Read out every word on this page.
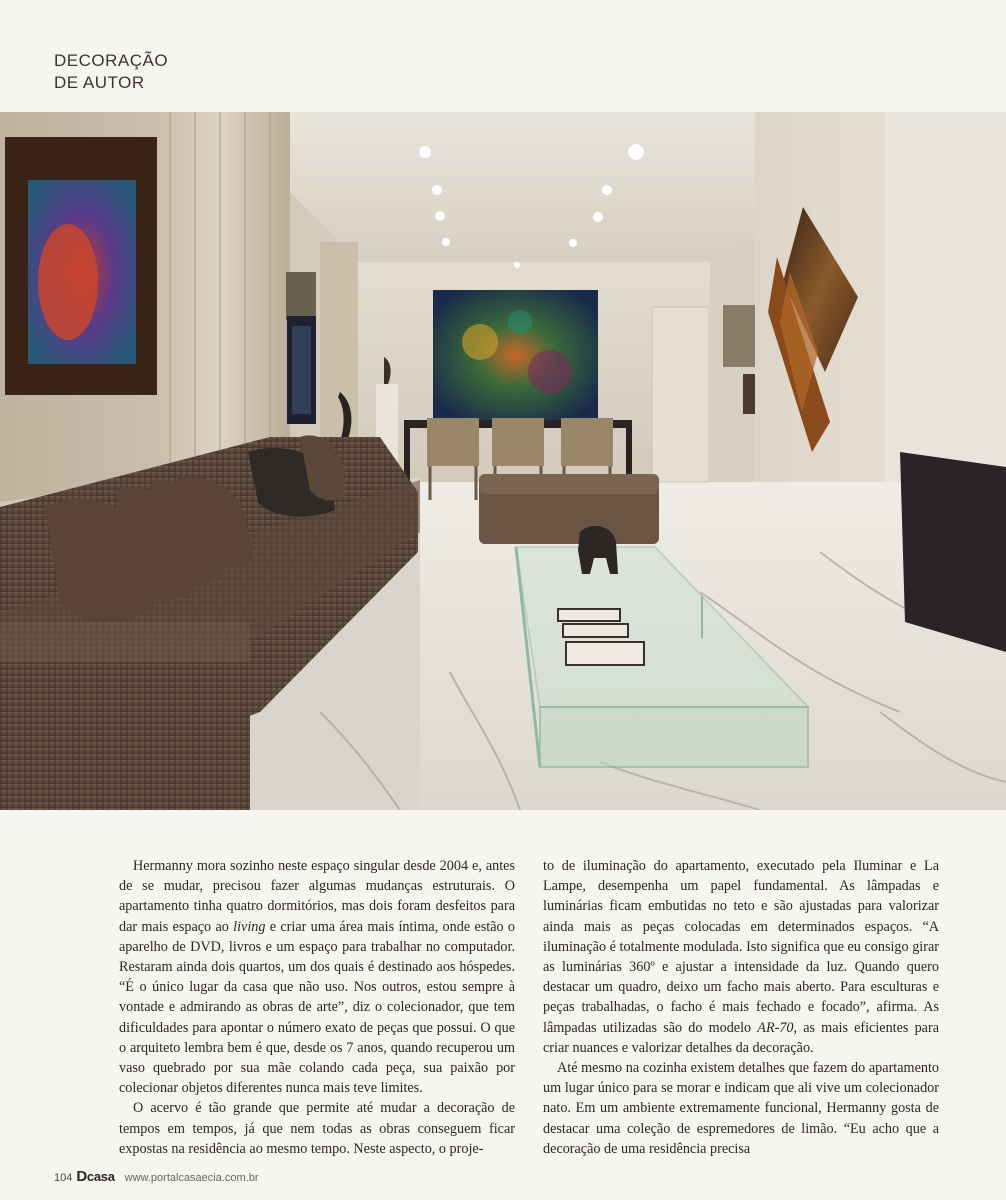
DECORAÇÃO
DE AUTOR

Hermanny mora sozinho neste espaço singular desde 2004 e, antes de se mudar, precisou fazer algumas mudanças estruturais. O apartamento tinha quatro dormitórios, mas dois foram desfeitos para dar mais espaço ao living e criar uma área mais íntima, onde estão o aparelho de DVD, livros e um espaço para trabalhar no computador. Restaram ainda dois quartos, um dos quais é destinado aos hóspedes. “É o único lugar da casa que não uso. Nos outros, estou sempre à vontade e admirando as obras de arte”, diz o colecionador, que tem dificuldades para apontar o número exato de peças que possui. O que o arquiteto lembra bem é que, desde os 7 anos, quando recuperou um vaso quebrado por sua mãe colando cada peça, sua paixão por colecionar objetos diferentes nunca mais teve limites.

O acervo é tão grande que permite até mudar a decoração de tempos em tempos, já que nem todas as obras conseguem ficar expostas na residência ao mesmo tempo. Neste aspecto, o proje-

to de iluminação do apartamento, executado pela Iluminar e La Lampe, desempenha um papel fundamental. As lâmpadas e luminárias ficam embutidas no teto e são ajustadas para valorizar ainda mais as peças colocadas em determinados espaços. “A iluminação é totalmente modulada. Isto significa que eu consigo girar as luminárias 360º e ajustar a intensidade da luz. Quando quero destacar um quadro, deixo um facho mais aberto. Para esculturas e peças trabalhadas, o facho é mais fechado e focado”, afirma. As lâmpadas utilizadas são do modelo AR-70, as mais eficientes para criar nuances e valorizar detalhes da decoração.

Até mesmo na cozinha existem detalhes que fazem do apartamento um lugar único para se morar e indicam que ali vive um colecionador nato. Em um ambiente extremamente funcional, Hermanny gosta de destacar uma coleção de espremedores de limão. “Eu acho que a decoração de uma residência precisa

104 Dcasa www.portalcasaecia.com.br
